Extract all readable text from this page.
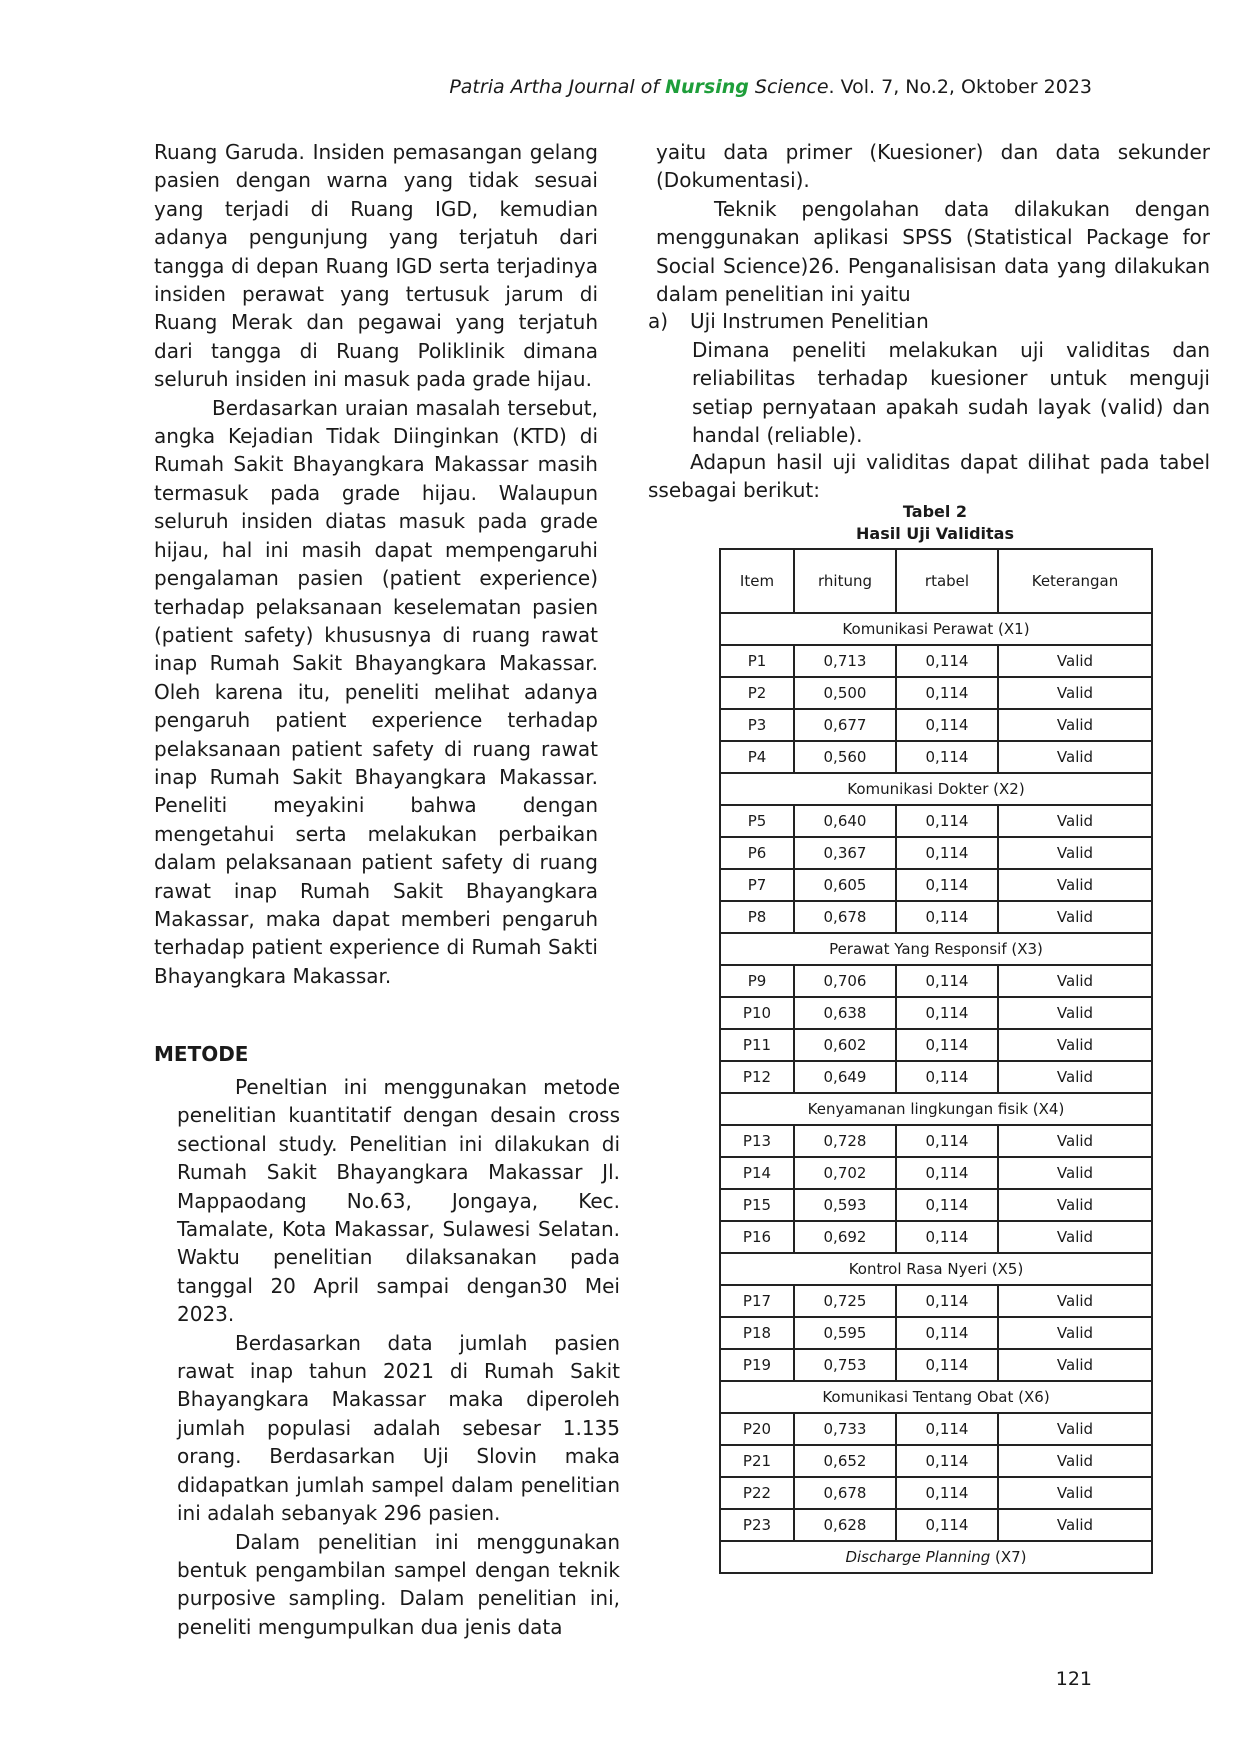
Patria Artha Journal of Nursing Science. Vol. 7, No.2, Oktober 2023

Ruang Garuda. Insiden pemasangan gelang pasien dengan warna yang tidak sesuai yang terjadi di Ruang IGD, kemudian adanya pengunjung yang terjatuh dari tangga di depan Ruang IGD serta terjadinya insiden perawat yang tertusuk jarum di Ruang Merak dan pegawai yang terjatuh dari tangga di Ruang Poliklinik dimana seluruh insiden ini masuk pada grade hijau.

Berdasarkan uraian masalah tersebut, angka Kejadian Tidak Diinginkan (KTD) di Rumah Sakit Bhayangkara Makassar masih termasuk pada grade hijau. Walaupun seluruh insiden diatas masuk pada grade hijau, hal ini masih dapat mempengaruhi pengalaman pasien (patient experience) terhadap pelaksanaan keselematan pasien (patient safety) khususnya di ruang rawat inap Rumah Sakit Bhayangkara Makassar. Oleh karena itu, peneliti melihat adanya pengaruh patient experience terhadap pelaksanaan patient safety di ruang rawat inap Rumah Sakit Bhayangkara Makassar. Peneliti meyakini bahwa dengan mengetahui serta melakukan perbaikan dalam pelaksanaan patient safety di ruang rawat inap Rumah Sakit Bhayangkara Makassar, maka dapat memberi pengaruh terhadap patient experience di Rumah Sakti Bhayangkara Makassar.

METODE

Peneltian ini menggunakan metode penelitian kuantitatif dengan desain cross sectional study. Penelitian ini dilakukan di Rumah Sakit Bhayangkara Makassar Jl. Mappaodang No.63, Jongaya, Kec. Tamalate, Kota Makassar, Sulawesi Selatan. Waktu penelitian dilaksanakan pada tanggal 20 April sampai dengan30 Mei 2023.

Berdasarkan data jumlah pasien rawat inap tahun 2021 di Rumah Sakit Bhayangkara Makassar maka diperoleh jumlah populasi adalah sebesar 1.135 orang. Berdasarkan Uji Slovin maka didapatkan jumlah sampel dalam penelitian ini adalah sebanyak 296 pasien.

Dalam penelitian ini menggunakan bentuk pengambilan sampel dengan teknik purposive sampling. Dalam penelitian ini, peneliti mengumpulkan dua jenis data

yaitu data primer (Kuesioner) dan data sekunder (Dokumentasi).

Teknik pengolahan data dilakukan dengan menggunakan aplikasi SPSS (Statistical Package for Social Science)26. Penganalisisan data yang dilakukan dalam penelitian ini yaitu

a) Uji Instrumen Penelitian

Dimana peneliti melakukan uji validitas dan reliabilitas terhadap kuesioner untuk menguji setiap pernyataan apakah sudah layak (valid) dan handal (reliable).

Adapun hasil uji validitas dapat dilihat pada tabel ssebagai berikut:

Tabel 2
Hasil Uji Validitas
Item	rhitung	rtabel	Keterangan
Komunikasi Perawat (X1)			
P1	0,713	0,114	Valid
P2	0,500	0,114	Valid
P3	0,677	0,114	Valid
P4	0,560	0,114	Valid
Komunikasi Dokter (X2)			
P5	0,640	0,114	Valid
P6	0,367	0,114	Valid
P7	0,605	0,114	Valid
P8	0,678	0,114	Valid
Perawat Yang Responsif (X3)			
P9	0,706	0,114	Valid
P10	0,638	0,114	Valid
P11	0,602	0,114	Valid
P12	0,649	0,114	Valid
Kenyamanan lingkungan fisik (X4)			
P13	0,728	0,114	Valid
P14	0,702	0,114	Valid
P15	0,593	0,114	Valid
P16	0,692	0,114	Valid
Kontrol Rasa Nyeri (X5)			
P17	0,725	0,114	Valid
P18	0,595	0,114	Valid
P19	0,753	0,114	Valid
Komunikasi Tentang Obat (X6)			
P20	0,733	0,114	Valid
P21	0,652	0,114	Valid
P22	0,678	0,114	Valid
P23	0,628	0,114	Valid
Discharge Planning (X7)			
121
